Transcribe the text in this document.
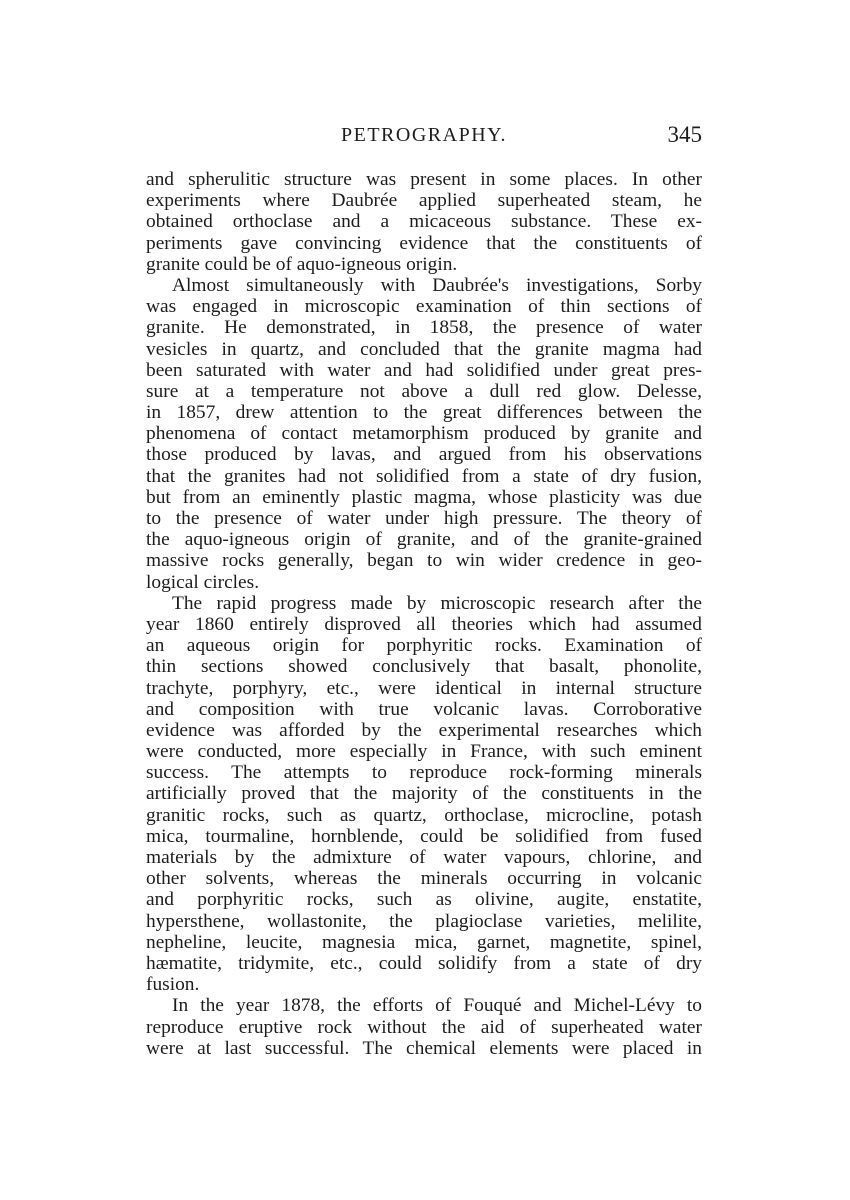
PETROGRAPHY.	345
and spherulitic structure was present in some places. In other
experiments where Daubrée applied superheated steam, he
obtained orthoclase and a micaceous substance. These ex-
periments gave convincing evidence that the constituents of
granite could be of aquo-igneous origin.
Almost simultaneously with Daubrée's investigations, Sorby
was engaged in microscopic examination of thin sections of
granite. He demonstrated, in 1858, the presence of water
vesicles in quartz, and concluded that the granite magma had
been saturated with water and had solidified under great pres-
sure at a temperature not above a dull red glow. Delesse,
in 1857, drew attention to the great differences between the
phenomena of contact metamorphism produced by granite and
those produced by lavas, and argued from his observations
that the granites had not solidified from a state of dry fusion,
but from an eminently plastic magma, whose plasticity was due
to the presence of water under high pressure. The theory of
the aquo-igneous origin of granite, and of the granite-grained
massive rocks generally, began to win wider credence in geo-
logical circles.
The rapid progress made by microscopic research after the
year 1860 entirely disproved all theories which had assumed
an aqueous origin for porphyritic rocks. Examination of
thin sections showed conclusively that basalt, phonolite,
trachyte, porphyry, etc., were identical in internal structure
and composition with true volcanic lavas. Corroborative
evidence was afforded by the experimental researches which
were conducted, more especially in France, with such eminent
success. The attempts to reproduce rock-forming minerals
artificially proved that the majority of the constituents in the
granitic rocks, such as quartz, orthoclase, microcline, potash
mica, tourmaline, hornblende, could be solidified from fused
materials by the admixture of water vapours, chlorine, and
other solvents, whereas the minerals occurring in volcanic
and porphyritic rocks, such as olivine, augite, enstatite,
hypersthene, wollastonite, the plagioclase varieties, melilite,
nepheline, leucite, magnesia mica, garnet, magnetite, spinel,
hæmatite, tridymite, etc., could solidify from a state of dry
fusion.
In the year 1878, the efforts of Fouqué and Michel-Lévy to
reproduce eruptive rock without the aid of superheated water
were at last successful. The chemical elements were placed in
